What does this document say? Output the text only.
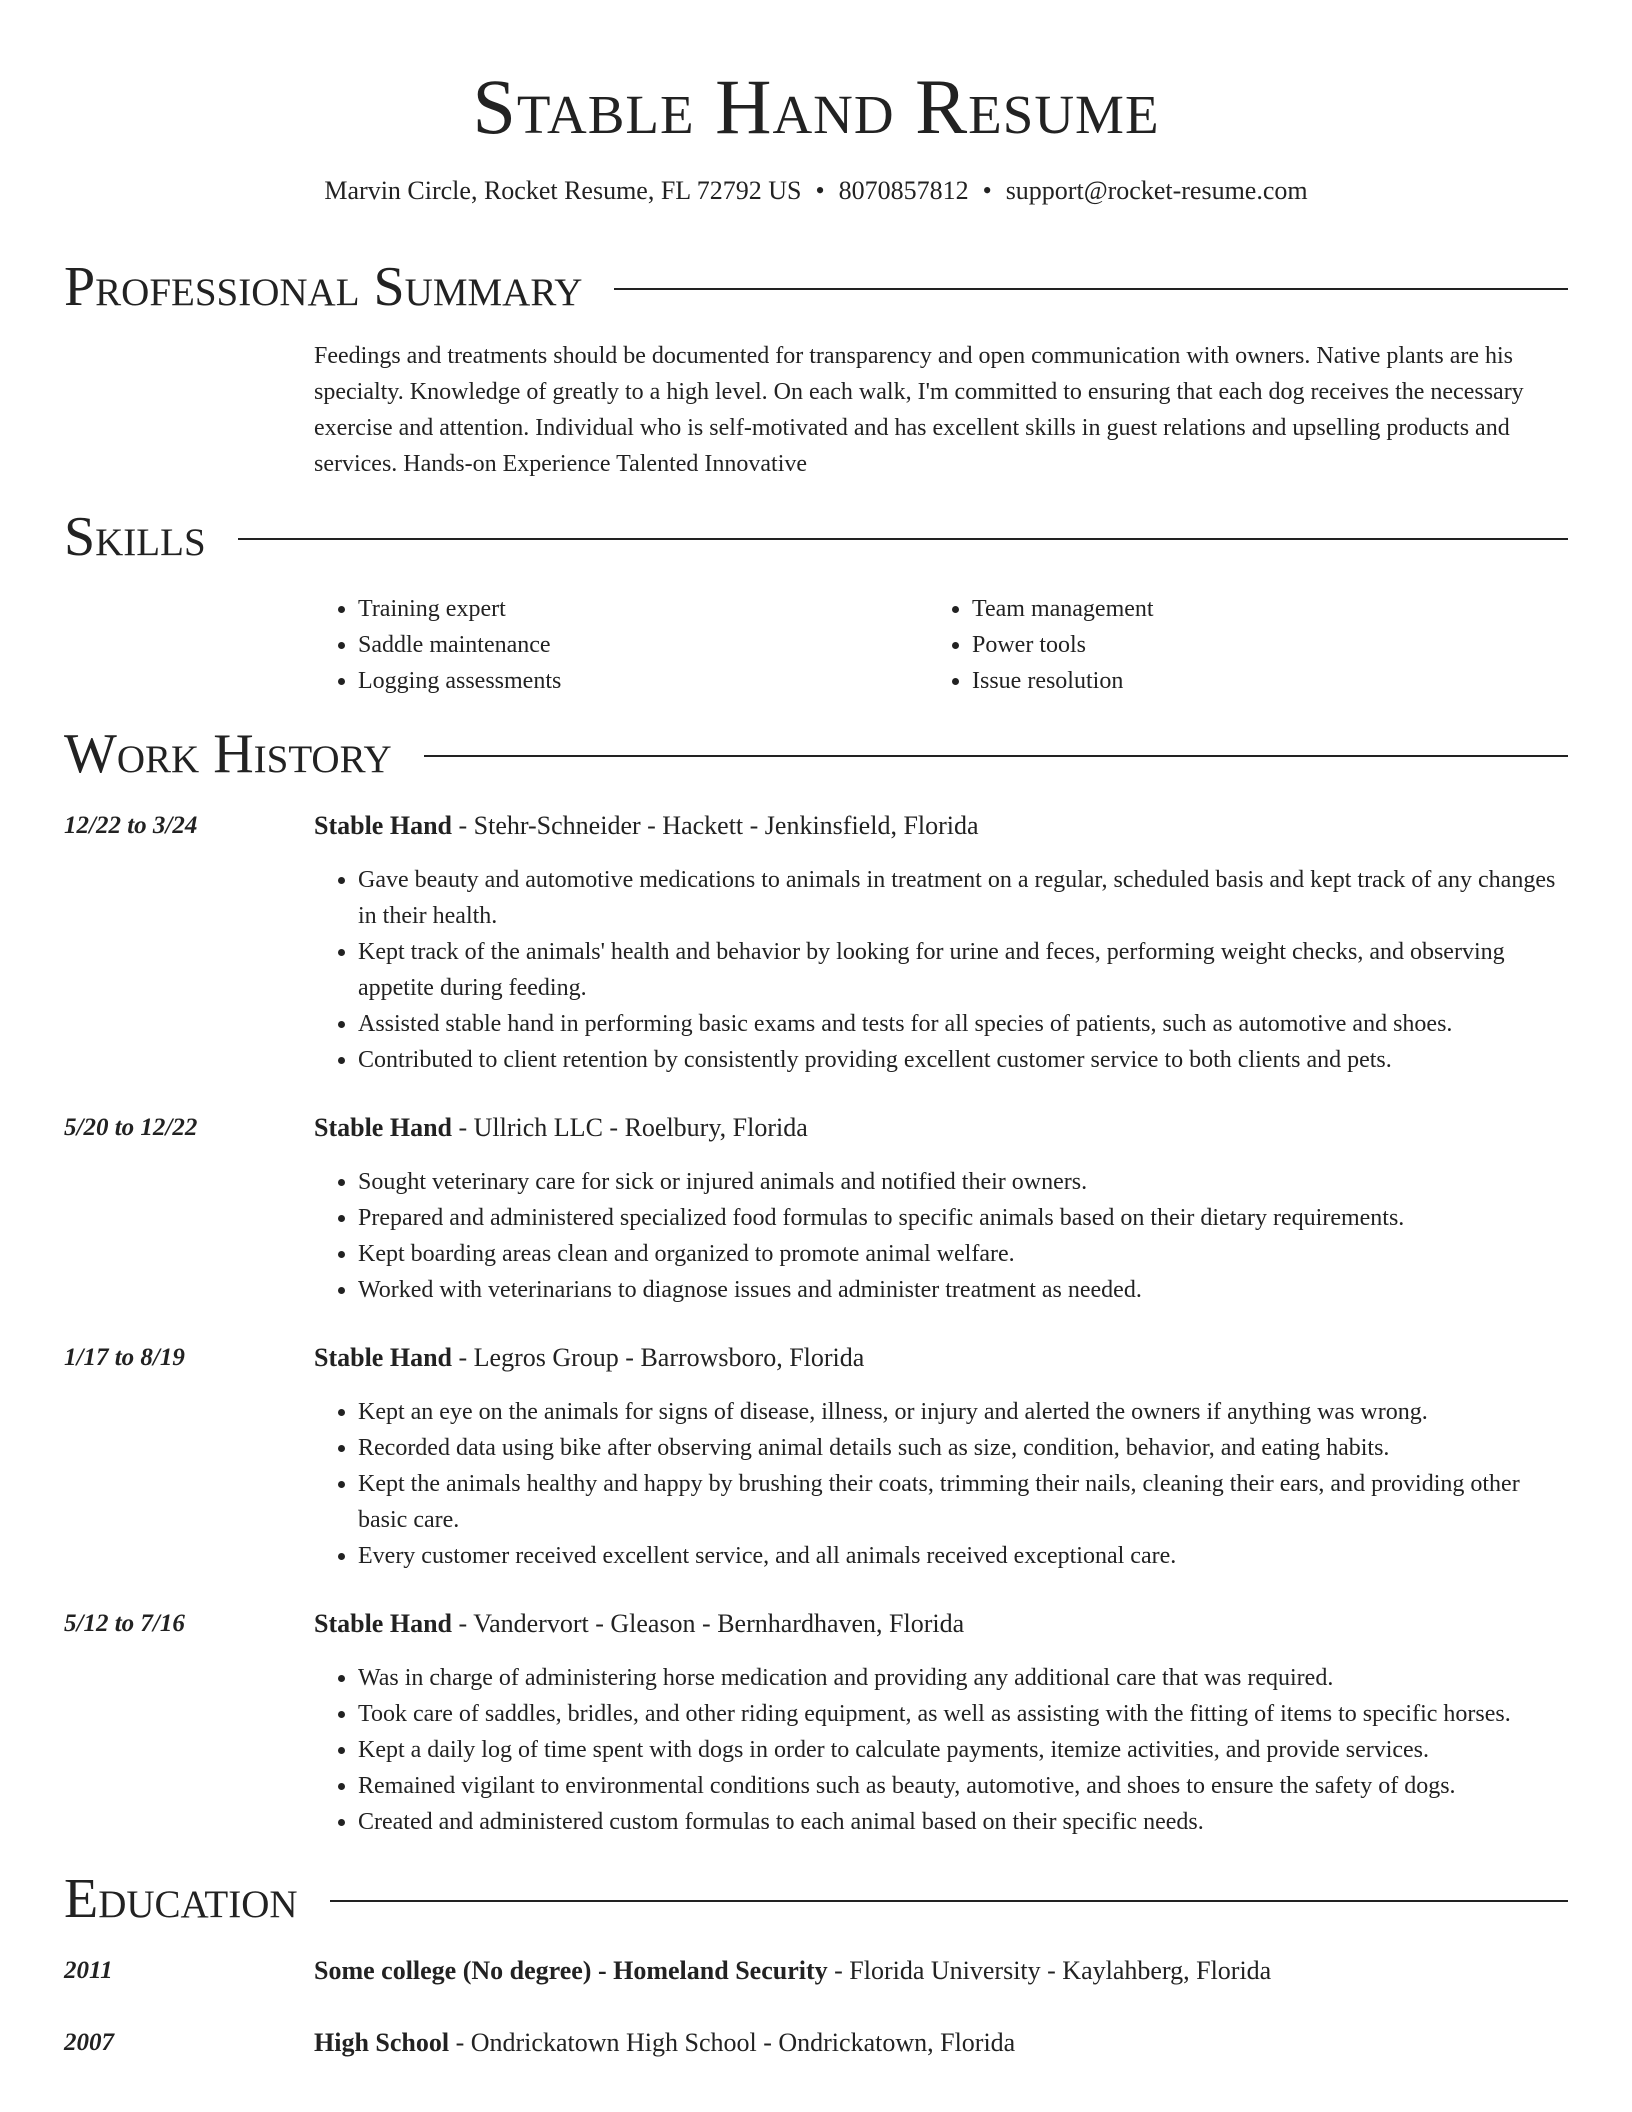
Stable Hand Resume
Marvin Circle, Rocket Resume, FL 72792 US • 8070857812 • support@rocket-resume.com
Professional Summary

Feedings and treatments should be documented for transparency and open communication with owners. Native plants are his specialty. Knowledge of greatly to a high level. On each walk, I'm committed to ensuring that each dog receives the necessary exercise and attention. Individual who is self-motivated and has excellent skills in guest relations and upselling products and services. Hands-on Experience Talented Innovative

Skills
• Training expert
• Saddle maintenance
• Logging assessments
• Team management
• Power tools
• Issue resolution
Work History
12/22 to 3/24	Stable Hand - Stehr-Schneider - Hackett - Jenkinsfield, Florida
• Gave beauty and automotive medications to animals in treatment on a regular, scheduled basis and kept track of any changes in their health.
• Kept track of the animals' health and behavior by looking for urine and feces, performing weight checks, and observing appetite during feeding.
• Assisted stable hand in performing basic exams and tests for all species of patients, such as automotive and shoes.
• Contributed to client retention by consistently providing excellent customer service to both clients and pets.
5/20 to 12/22	Stable Hand - Ullrich LLC - Roelbury, Florida
• Sought veterinary care for sick or injured animals and notified their owners.
• Prepared and administered specialized food formulas to specific animals based on their dietary requirements.
• Kept boarding areas clean and organized to promote animal welfare.
• Worked with veterinarians to diagnose issues and administer treatment as needed.
1/17 to 8/19	Stable Hand - Legros Group - Barrowsboro, Florida
• Kept an eye on the animals for signs of disease, illness, or injury and alerted the owners if anything was wrong.
• Recorded data using bike after observing animal details such as size, condition, behavior, and eating habits.
• Kept the animals healthy and happy by brushing their coats, trimming their nails, cleaning their ears, and providing other basic care.
• Every customer received excellent service, and all animals received exceptional care.
5/12 to 7/16	Stable Hand - Vandervort - Gleason - Bernhardhaven, Florida
• Was in charge of administering horse medication and providing any additional care that was required.
• Took care of saddles, bridles, and other riding equipment, as well as assisting with the fitting of items to specific horses.
• Kept a daily log of time spent with dogs in order to calculate payments, itemize activities, and provide services.
• Remained vigilant to environmental conditions such as beauty, automotive, and shoes to ensure the safety of dogs.
• Created and administered custom formulas to each animal based on their specific needs.
Education
2011	Some college (No degree) - Homeland Security - Florida University - Kaylahberg, Florida
2007	High School - Ondrickatown High School - Ondrickatown, Florida
